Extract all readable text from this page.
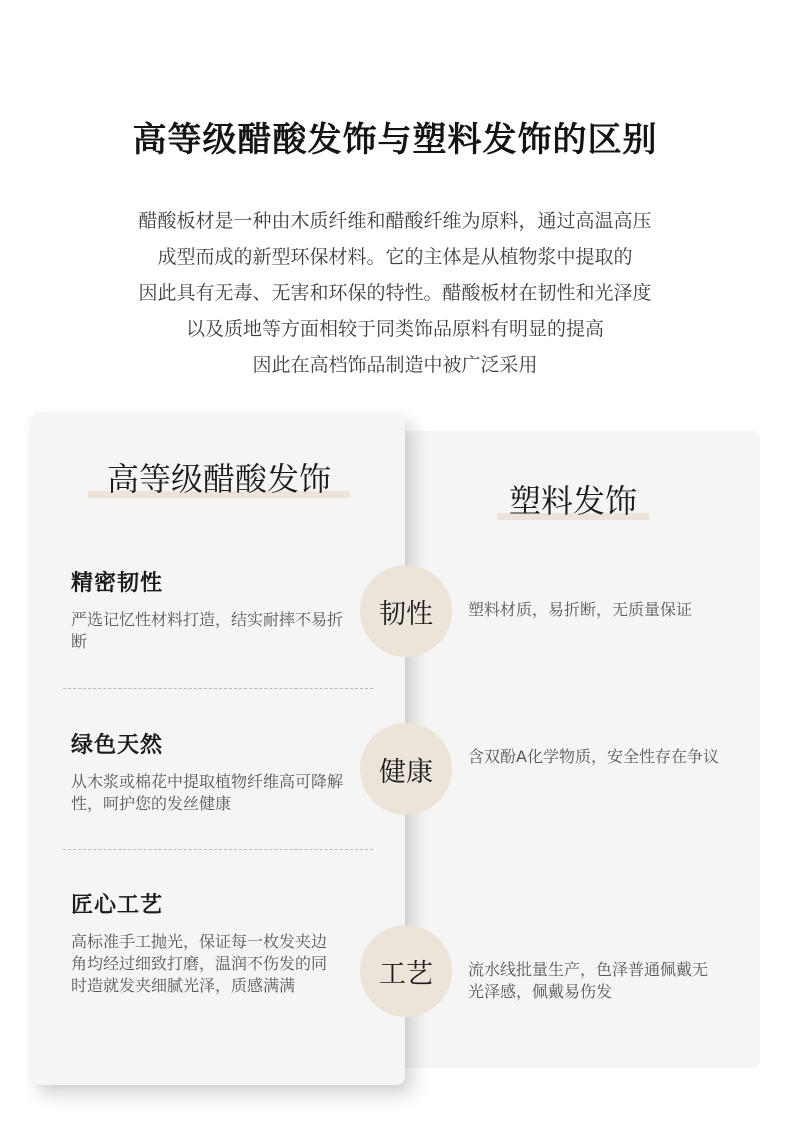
高等级醋酸发饰与塑料发饰的区别
醋酸板材是一种由木质纤维和醋酸纤维为原料，通过高温高压
成型而成的新型环保材料。它的主体是从植物浆中提取的
因此具有无毒、无害和环保的特性。醋酸板材在韧性和光泽度
以及质地等方面相较于同类饰品原料有明显的提高
因此在高档饰品制造中被广泛采用
高等级醋酸发饰
塑料发饰
精密韧性
严选记忆性材料打造，结实耐摔不易折断
绿色天然
从木浆或棉花中提取植物纤维高可降解性，呵护您的发丝健康
匠心工艺
高标准手工抛光，保证每一枚发夹边角均经过细致打磨，温润不伤发的同时造就发夹细腻光泽，质感满满
韧性
健康
工艺
塑料材质，易折断，无质量保证
含双酚A化学物质，安全性存在争议
流水线批量生产，色泽普通佩戴无光泽感，佩戴易伤发
